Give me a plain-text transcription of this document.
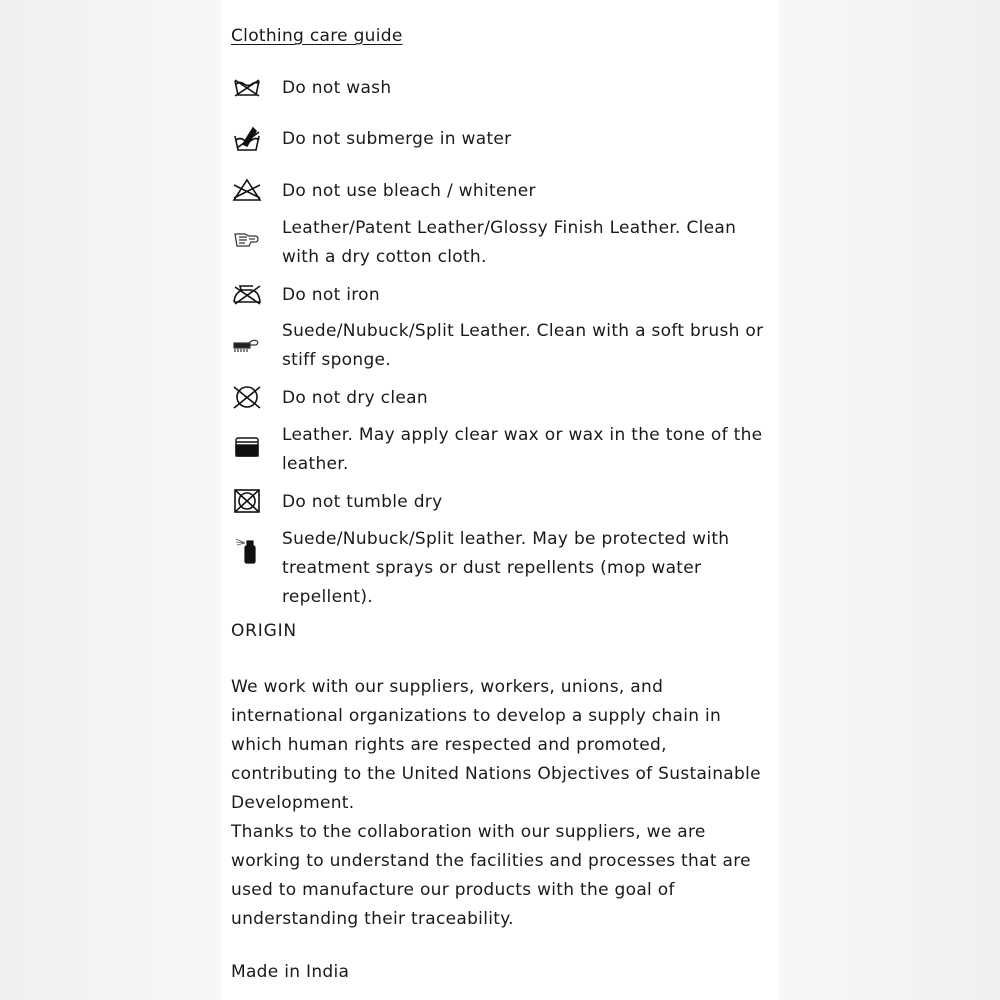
Clothing care guide
Do not wash
Do not submerge in water
Do not use bleach / whitener
Leather/Patent Leather/Glossy Finish Leather. Clean with a dry cotton cloth.
Do not iron
Suede/Nubuck/Split Leather. Clean with a soft brush or stiff sponge.
Do not dry clean
Leather. May apply clear wax or wax in the tone of the leather.
Do not tumble dry
Suede/Nubuck/Split leather. May be protected with treatment sprays or dust repellents (mop water repellent).
ORIGIN
We work with our suppliers, workers, unions, and international organizations to develop a supply chain in which human rights are respected and promoted, contributing to the United Nations Objectives of Sustainable Development.
Thanks to the collaboration with our suppliers, we are working to understand the facilities and processes that are used to manufacture our products with the goal of understanding their traceability.
Made in India
